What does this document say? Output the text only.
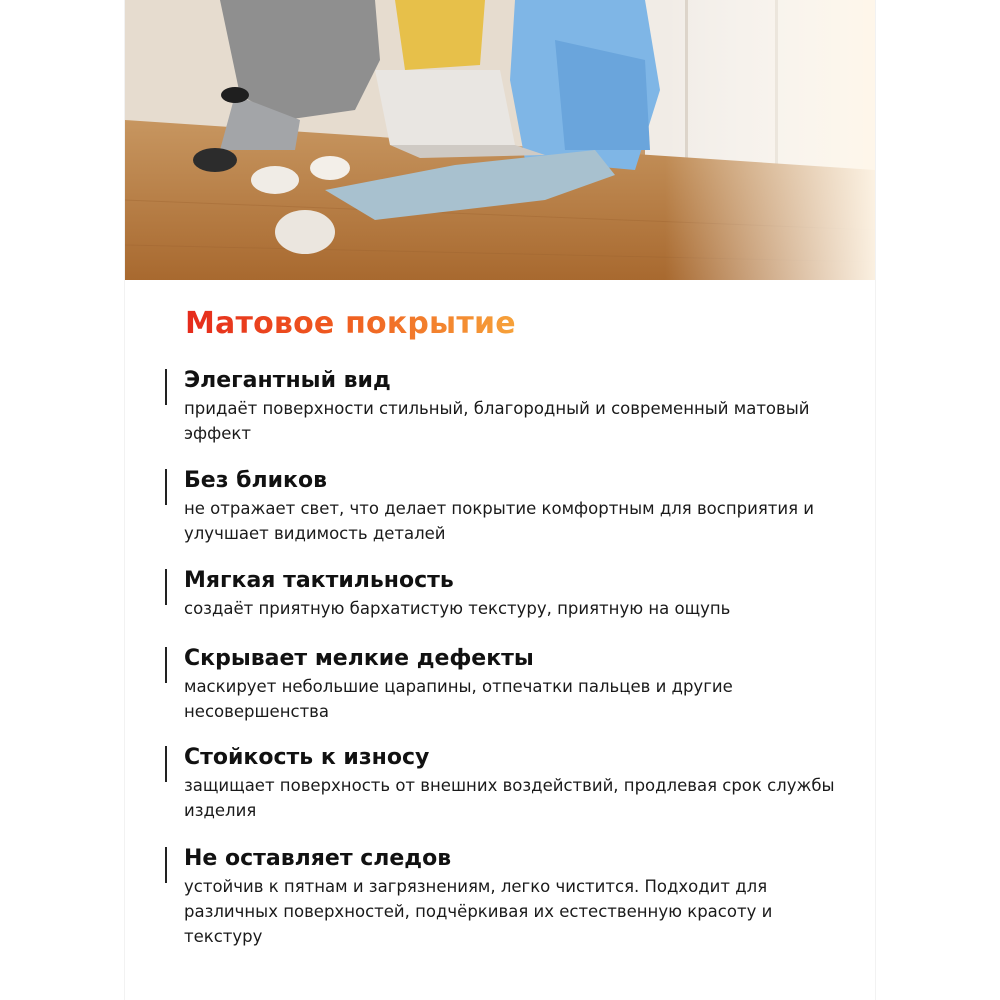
Матовое покрытие

Элегантный вид

придаёт поверхности стильный, благородный и современный матовый эффект

Без бликов

не отражает свет, что делает покрытие комфортным для восприятия и улучшает видимость деталей

Мягкая тактильность

создаёт приятную бархатистую текстуру, приятную на ощупь

Скрывает мелкие дефекты

маскирует небольшие царапины, отпечатки пальцев и другие несовершенства

Стойкость к износу

защищает поверхность от внешних воздействий, продлевая срок службы изделия

Не оставляет следов

устойчив к пятнам и загрязнениям, легко чистится. Подходит для различных поверхностей, подчёркивая их естественную красоту и текстуру
